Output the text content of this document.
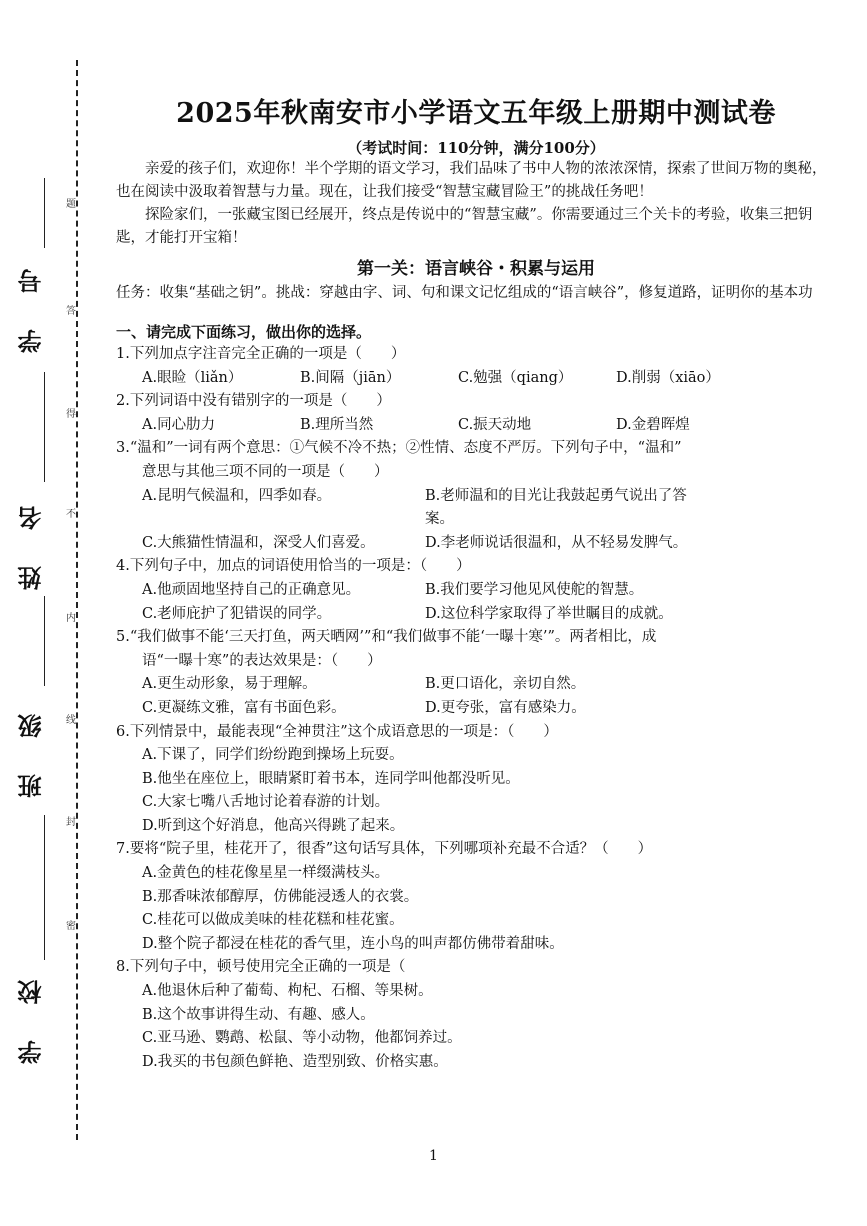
题
答
得
不
内
线
封
密
学 号
姓 名
班 级
学 校
2025年秋南安市小学语文五年级上册期中测试卷
（考试时间：110分钟，满分100分）

亲爱的孩子们，欢迎你！半个学期的语文学习，我们品味了书中人物的浓浓深情，探索了世间万物的奥秘，也在阅读中汲取着智慧与力量。现在，让我们接受“智慧宝藏冒险王”的挑战任务吧！

探险家们，一张藏宝图已经展开，终点是传说中的“智慧宝藏”。你需要通过三个关卡的考验，收集三把钥匙，才能打开宝箱！

第一关：语言峡谷・积累与运用
任务：收集“基础之钥”。挑战：穿越由字、词、句和课文记忆组成的“语言峡谷”，修复道路，证明你的基本功
一、请完成下面练习，做出你的选择。
1.下列加点字注音完全正确的一项是（　　）
A.眼睑（liǎn）	B.间隔（jiān）	C.勉强（qiang）	D.削弱（xiāo）
2.下列词语中没有错别字的一项是（　　）
A.同心肋力	B.理所当然	C.振天动地	D.金碧晖煌
3.“温和”一词有两个意思：①气候不冷不热；②性情、态度不严厉。下列句子中，“温和”
意思与其他三项不同的一项是（　　）
A.昆明气候温和，四季如春。	B.老师温和的目光让我鼓起勇气说出了答案。
C.大熊猫性情温和，深受人们喜爱。	D.李老师说话很温和，从不轻易发脾气。
4.下列句子中，加点的词语使用恰当的一项是：（　　）
A.他顽固地坚持自己的正确意见。	B.我们要学习他见风使舵的智慧。
C.老师庇护了犯错误的同学。	D.这位科学家取得了举世瞩目的成就。
5.“我们做事不能‘三天打鱼，两天晒网’”和“我们做事不能‘一曝十寒’”。两者相比，成
语“一曝十寒”的表达效果是：（　　）
A.更生动形象，易于理解。	B.更口语化，亲切自然。
C.更凝练文雅，富有书面色彩。	D.更夸张，富有感染力。
6.下列情景中，最能表现“全神贯注”这个成语意思的一项是：（　　）
A.下课了，同学们纷纷跑到操场上玩耍。
B.他坐在座位上，眼睛紧盯着书本，连同学叫他都没听见。
C.大家七嘴八舌地讨论着春游的计划。
D.听到这个好消息，他高兴得跳了起来。
7.要将“院子里，桂花开了，很香”这句话写具体，下列哪项补充最不合适？（　　）
A.金黄色的桂花像星星一样缀满枝头。
B.那香味浓郁醇厚，仿佛能浸透人的衣裳。
C.桂花可以做成美味的桂花糕和桂花蜜。
D.整个院子都浸在桂花的香气里，连小鸟的叫声都仿佛带着甜味。
8.下列句子中，顿号使用完全正确的一项是（
A.他退休后种了葡萄、枸杞、石榴、等果树。
B.这个故事讲得生动、有趣、感人。
C.亚马逊、鹦鹉、松鼠、等小动物，他都饲养过。
D.我买的书包颜色鲜艳、造型别致、价格实惠。
1
